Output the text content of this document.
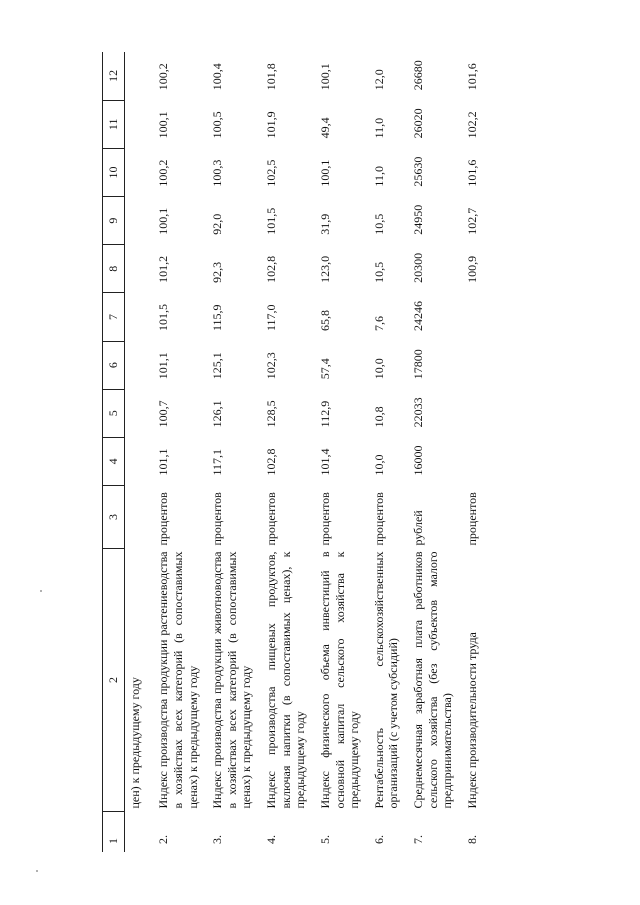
1	2	3	4	5	6	7	8	9	10	11	12
	цен) к предыдущему году										
2.	Индекс производства продукции растениеводства в хозяйствах всех категорий (в сопоставимых ценах) к предыдущему году	процентов	101,1	100,7	101,1	101,5	101,2	100,1	100,2	100,1	100,2
3.	Индекс производства продукции животноводства в хозяйствах всех категорий (в сопоставимых ценах) к предыдущему году	процентов	117,1	126,1	125,1	115,9	92,3	92,0	100,3	100,5	100,4
4.	Индекс производства пищевых продуктов, включая напитки (в сопоставимых ценах), к предыдущему году	процентов	102,8	128,5	102,3	117,0	102,8	101,5	102,5	101,9	101,8
5.	Индекс физического объема инвестиций в основной капитал сельского хозяйства к предыдущему году	процентов	101,4	112,9	57,4	65,8	123,0	31,9	100,1	49,4	100,1
6.	Рентабельность сельскохозяйственных организаций (с учетом субсидий)	процентов	10,0	10,8	10,0	7,6	10,5	10,5	11,0	11,0	12,0
7.	Среднемесячная заработная плата работников сельского хозяйства (без субъектов малого предпринимательства)	рублей	16000	22033	17800	24246	20300	24950	25630	26020	26680
8.	Индекс производительности труда	процентов					100,9	102,7	101,6	102,2	101,6
